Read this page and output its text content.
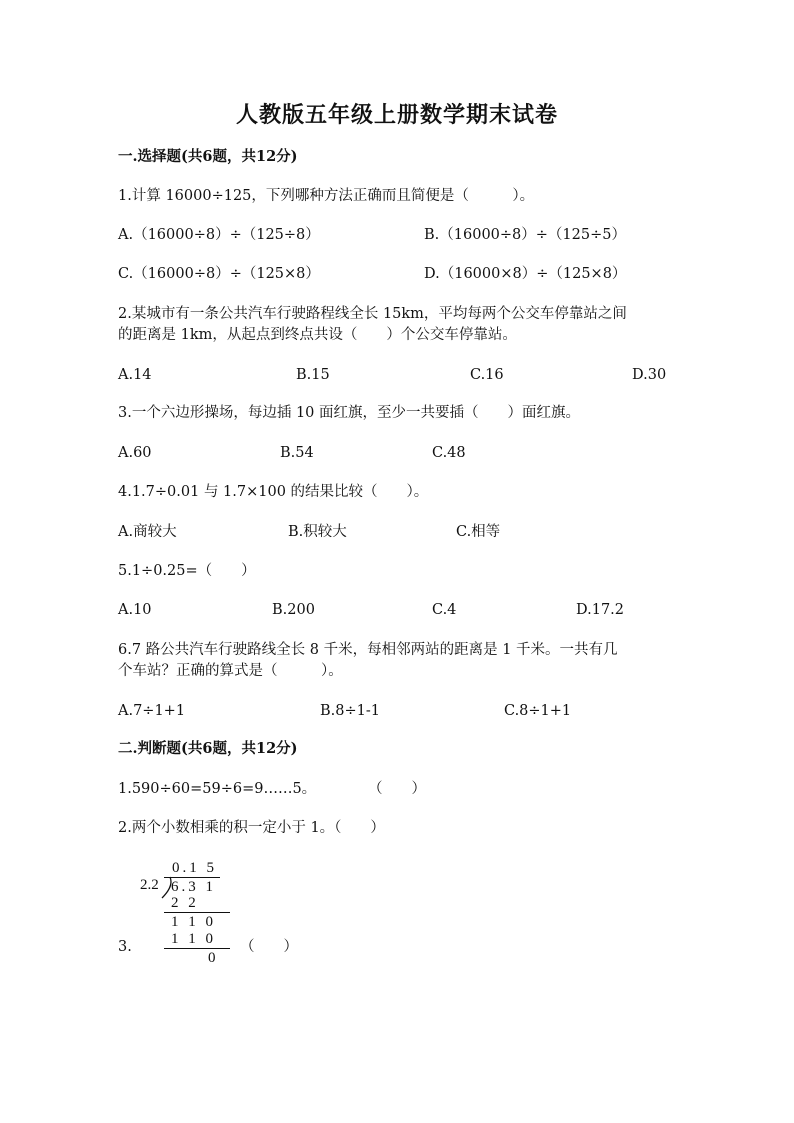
人教版五年级上册数学期末试卷
一.选择题(共6题，共12分)
1.计算 16000÷125，下列哪种方法正确而且简便是（　　　）。
A.（16000÷8）÷（125÷8）	B.（16000÷8）÷（125÷5）
C.（16000÷8）÷（125×8）	D.（16000×8）÷（125×8）
2.某城市有一条公共汽车行驶路程线全长 15km，平均每两个公交车停靠站之间
的距离是 1km，从起点到终点共设（　　）个公交车停靠站。
A.14	B.15	C.16	D.30
3.一个六边形操场，每边插 10 面红旗，至少一共要插（　　）面红旗。
A.60	B.54	C.48
4.1.7÷0.01 与 1.7×100 的结果比较（　　）。
A.商较大	B.积较大	C.相等
5.1÷0.25=（　　）
A.10	B.200	C.4	D.17.2
6.7 路公共汽车行驶路线全长 8 千米，每相邻两站的距离是 1 千米。一共有几
个车站？正确的算式是（　　　）。
A.7÷1+1	B.8÷1-1	C.8÷1+1
二.判断题(共6题，共12分)
1.590÷60=59÷6=9……5。	（　　）
2.两个小数相乘的积一定小于 1。（　　）
3.
0.1 5
2.2 6.3 1
2 2
1 1 0
1 1 0
0
（　　）
